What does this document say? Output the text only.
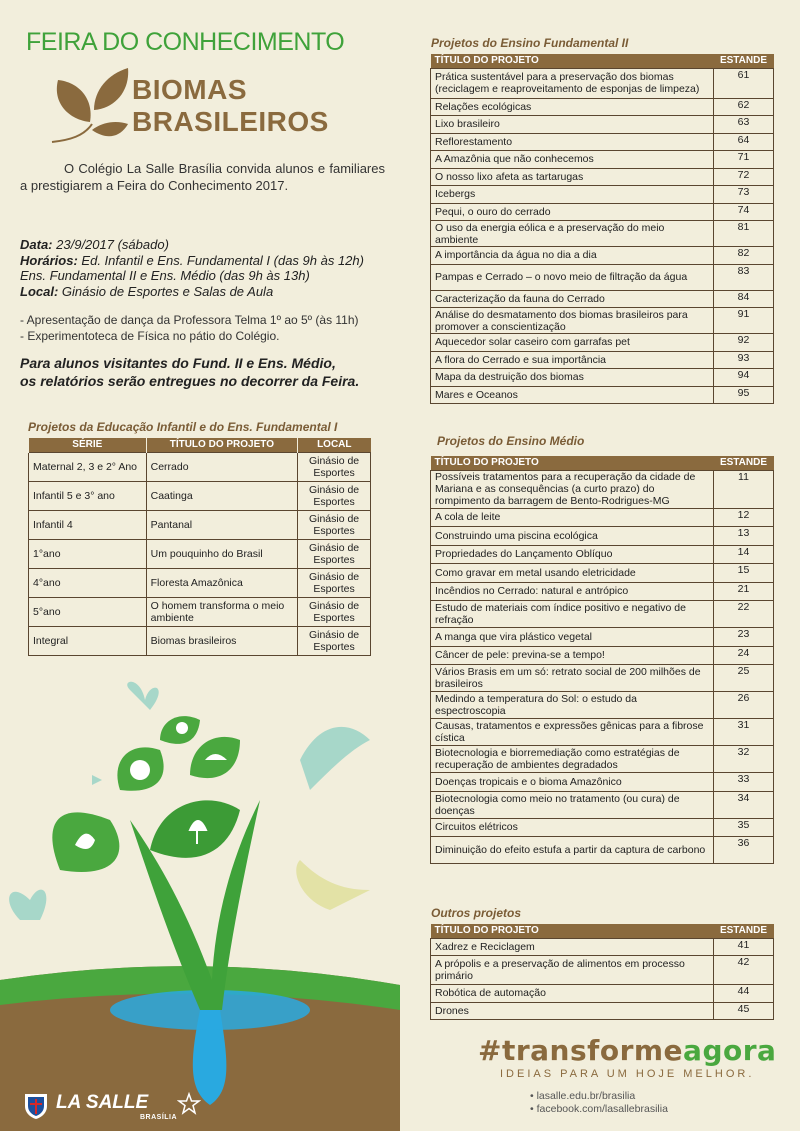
FEIRA DO CONHECIMENTO
BIOMAS
BRASILEIROS
O Colégio La Salle Brasília convida alunos e familiares a prestigiarem a Feira do Conhecimento 2017.
Data: 23/9/2017 (sábado)
Horários: Ed. Infantil e Ens. Fundamental I (das 9h às 12h)
Ens. Fundamental II e Ens. Médio (das 9h às 13h)
Local: Ginásio de Esportes e Salas de Aula
- Apresentação de dança da Professora Telma 1º ao 5º (às 11h)
- Experimentoteca de Física no pátio do Colégio.
Para alunos visitantes do Fund. II e Ens. Médio,
os relatórios serão entregues no decorrer da Feira.
Projetos da Educação Infantil e do Ens. Fundamental I
SÉRIE	TÍTULO DO PROJETO	LOCAL
Maternal 2, 3 e 2° Ano	Cerrado	Ginásio de Esportes
Infantil 5 e 3° ano	Caatinga	Ginásio de Esportes
Infantil 4	Pantanal	Ginásio de Esportes
1°ano	Um pouquinho do Brasil	Ginásio de Esportes
4°ano	Floresta Amazônica	Ginásio de Esportes
5°ano	O homem transforma o meio ambiente	Ginásio de Esportes
Integral	Biomas brasileiros	Ginásio de Esportes
Projetos do Ensino Fundamental II
TÍTULO DO PROJETO	ESTANDE
Prática sustentável para a preservação dos biomas (reciclagem e reaproveitamento de esponjas de limpeza)	61
Relações ecológicas	62
Lixo brasileiro	63
Reflorestamento	64
A Amazônia que não conhecemos	71
O nosso lixo afeta as tartarugas	72
Icebergs	73
Pequi, o ouro do cerrado	74
O uso da energia eólica e a preservação do meio ambiente	81
A importância da água no dia a dia	82
Pampas e Cerrado – o novo meio de filtração da água	83
Caracterização da fauna do Cerrado	84
Análise do desmatamento dos biomas brasileiros para promover a conscientização	91
Aquecedor solar caseiro com garrafas pet	92
A flora do Cerrado e sua importância	93
Mapa da destruição dos biomas	94
Mares e Oceanos	95
Projetos do Ensino Médio
TÍTULO DO PROJETO	ESTANDE
Possíveis tratamentos para a recuperação da cidade de Mariana e as consequências (a curto prazo) do rompimento da barragem de Bento-Rodrigues-MG	11
A cola de leite	12
Construindo uma piscina ecológica	13
Propriedades do Lançamento Oblíquo	14
Como gravar em metal usando eletricidade	15
Incêndios no Cerrado: natural e antrópico	21
Estudo de materiais com índice positivo e negativo de refração	22
A manga que vira plástico vegetal	23
Câncer de pele: previna-se a tempo!	24
Vários Brasis em um só: retrato social de 200 milhões de brasileiros	25
Medindo a temperatura do Sol: o estudo da espectroscopia	26
Causas, tratamentos e expressões gênicas para a fibrose cística	31
Biotecnologia e biorremediação como estratégias de recuperação de ambientes degradados	32
Doenças tropicais e o bioma Amazônico	33
Biotecnologia como meio no tratamento (ou cura) de doenças	34
Circuitos elétricos	35
Diminuição do efeito estufa a partir da captura de carbono	36
Outros projetos
TÍTULO DO PROJETO	ESTANDE
Xadrez e Reciclagem	41
A própolis e a preservação de alimentos em processo primário	42
Robótica de automação	44
Drones	45
LA SALLE
BRASÍLIA
#transformeagora
IDEIAS PARA UM HOJE MELHOR.
• lasalle.edu.br/brasilia
• facebook.com/lasallebrasilia
